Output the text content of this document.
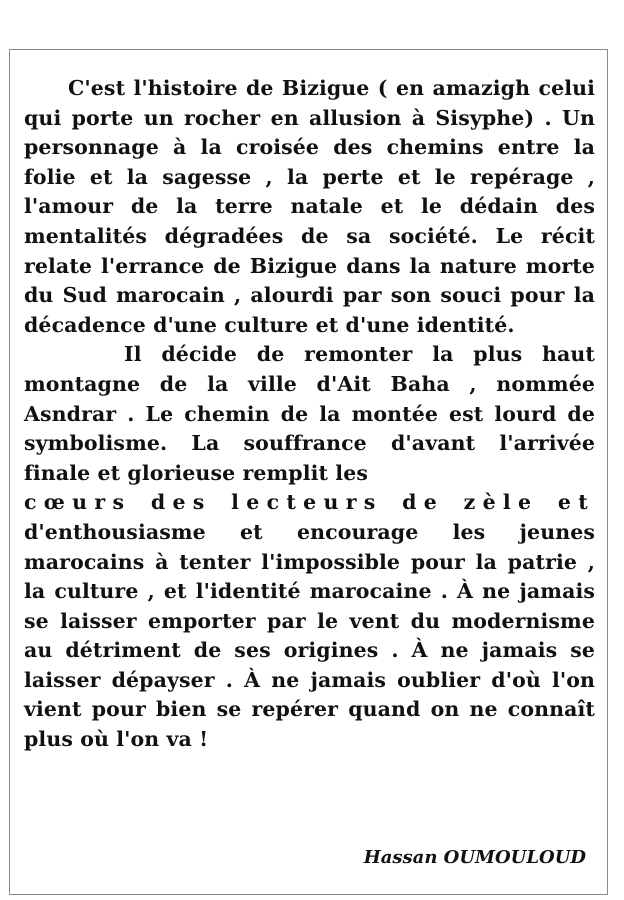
C'est l'histoire de Bizigue ( en amazigh celui qui porte un rocher en allusion à Sisyphe) . Un personnage à la croisée des chemins entre la folie et la sagesse , la perte et le repérage , l'amour de la terre natale et le dédain des mentalités dégradées de sa société. Le récit relate l'errance de Bizigue dans la nature morte du Sud marocain , alourdi par son souci pour la décadence d'une culture et d'une identité.

Il décide de remonter la plus haut montagne de la ville d'Ait Baha , nommée Asndrar . Le chemin de la montée est lourd de symbolisme. La souffrance d'avant l'arrivée finale et glorieuse remplit les

cœurs des lecteurs de zèle et

d'enthousiasme et encourage les jeunes marocains à tenter l'impossible pour la patrie , la culture , et l'identité marocaine . À ne jamais se laisser emporter par le vent du modernisme au détriment de ses origines . À ne jamais se laisser dépayser . À ne jamais oublier d'où l'on vient pour bien se repérer quand on ne connaît plus où l'on va !

Hassan OUMOULOUD
